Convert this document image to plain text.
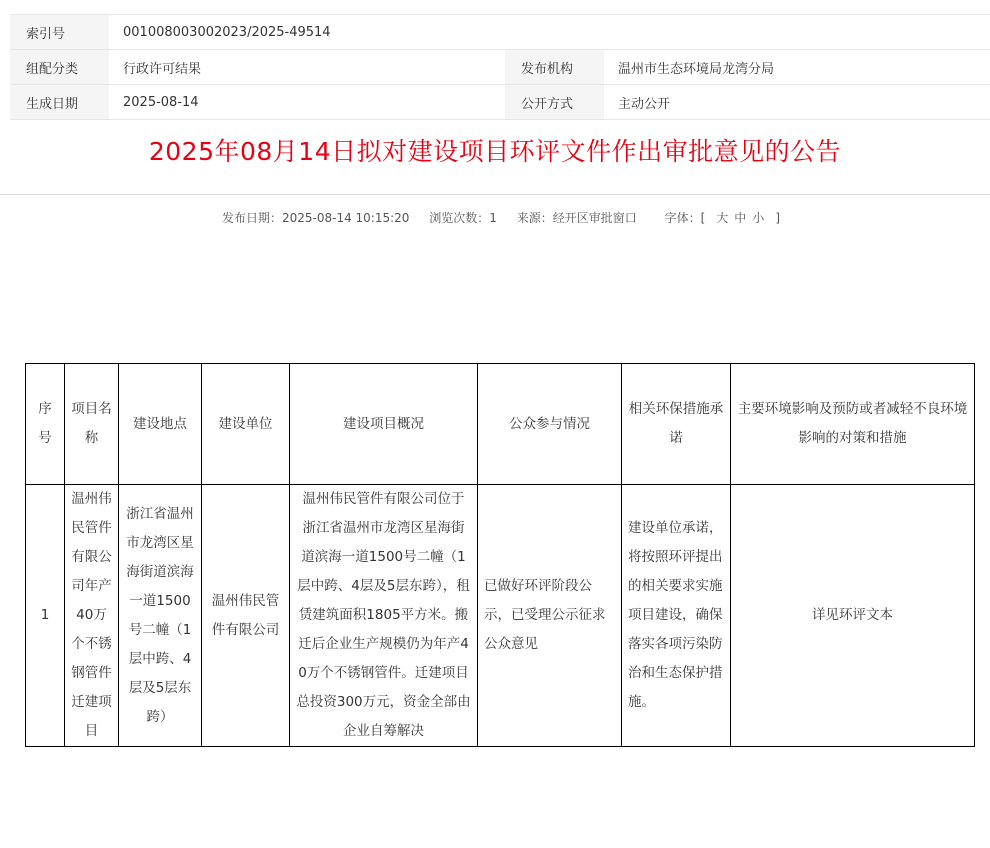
索引号	001008003002023/2025-49514		
组配分类	行政许可结果	发布机构	温州市生态环境局龙湾分局
生成日期	2025-08-14	公开方式	主动公开
2025年08月14日拟对建设项目环评文件作出审批意见的公告
发布日期：2025-08-14 10:15:20 浏览次数：1 来源：经开区审批窗口 字体：[ 大 中 小 ]
序号	项目名称	建设地点	建设单位	建设项目概况	公众参与情况	相关环保措施承诺	主要环境影响及预防或者减轻不良环境影响的对策和措施
1	温州伟民管件有限公司年产40万个不锈钢管件迁建项目	浙江省温州市龙湾区星海街道滨海一道1500号二幢（1层中跨、4层及5层东跨）	温州伟民管件有限公司	温州伟民管件有限公司位于浙江省温州市龙湾区星海街道滨海一道1500号二幢（1层中跨、4层及5层东跨），租赁建筑面积1805平方米。搬迁后企业生产规模仍为年产40万个不锈钢管件。迁建项目总投资300万元，资金全部由企业自筹解决	已做好环评阶段公示，已受理公示征求公众意见	建设单位承诺，将按照环评提出的相关要求实施项目建设，确保落实各项污染防治和生态保护措施。	详见环评文本
